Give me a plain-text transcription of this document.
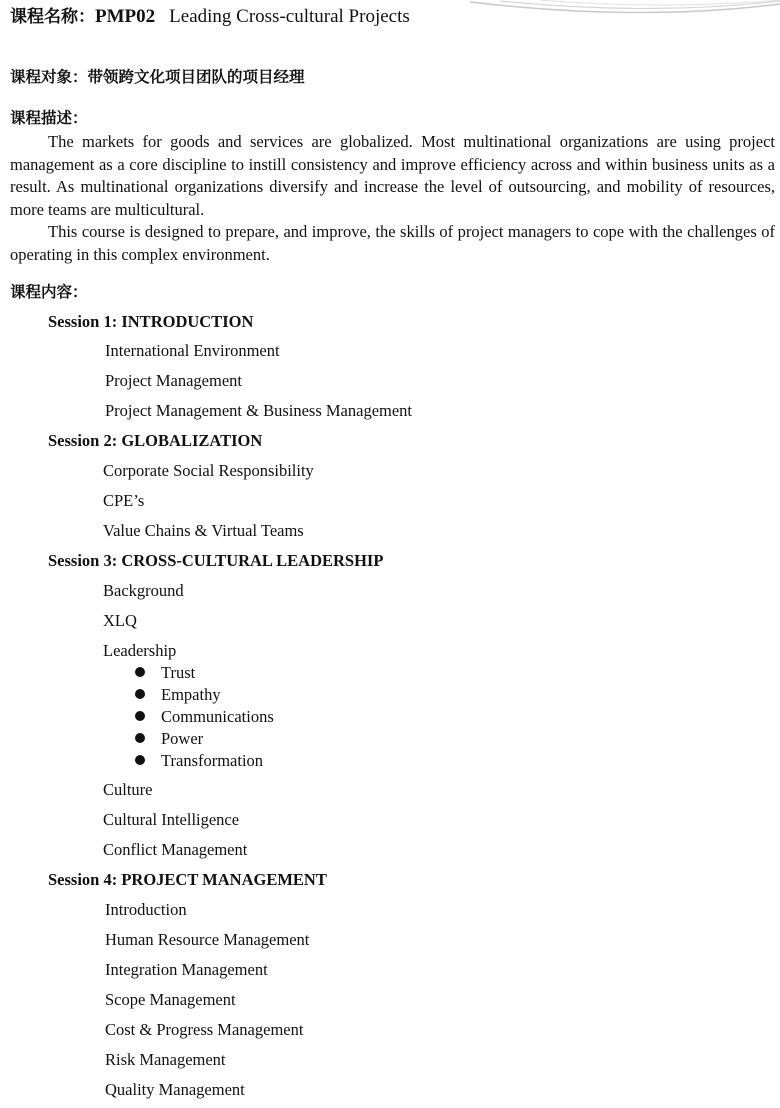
课程名称：PMP02 Leading Cross-cultural Projects
课程对象：带领跨文化项目团队的项目经理
课程描述：

The markets for goods and services are globalized. Most multinational organizations are using project management as a core discipline to instill consistency and improve efficiency across and within business units as a result. As multinational organizations diversify and increase the level of outsourcing, and mobility of resources, more teams are multicultural.

This course is designed to prepare, and improve, the skills of project managers to cope with the challenges of operating in this complex environment.

课程内容：
Session 1: INTRODUCTION
International Environment
Project Management
Project Management & Business Management
Session 2: GLOBALIZATION
Corporate Social Responsibility
CPE’s
Value Chains & Virtual Teams
Session 3: CROSS-CULTURAL LEADERSHIP
Background
XLQ
Leadership
Trust
Empathy
Communications
Power
Transformation
Culture
Cultural Intelligence
Conflict Management
Session 4: PROJECT MANAGEMENT
Introduction
Human Resource Management
Integration Management
Scope Management
Cost & Progress Management
Risk Management
Quality Management
